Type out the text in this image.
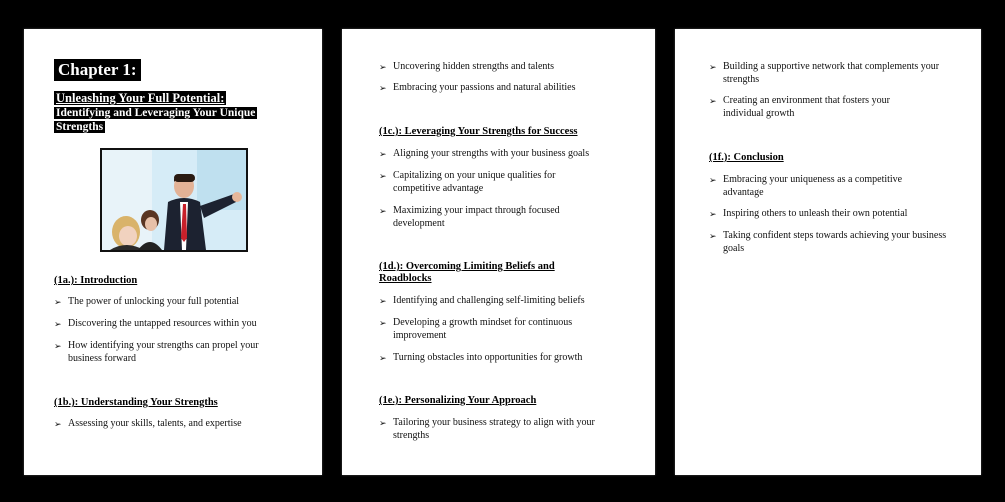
Chapter 1:
Unleashing Your Full Potential:
Identifying and Leveraging Your Unique Strengths
(1a.): Introduction
➢ The power of unlocking your full potential
➢ Discovering the untapped resources within you
➢ How identifying your strengths can propel your business forward
(1b.): Understanding Your Strengths
➢ Assessing your skills, talents, and expertise
➢ Uncovering hidden strengths and talents
➢ Embracing your passions and natural abilities
(1c.): Leveraging Your Strengths for Success
➢ Aligning your strengths with your business goals
➢ Capitalizing on your unique qualities for competitive advantage
➢ Maximizing your impact through focused development
(1d.): Overcoming Limiting Beliefs and Roadblocks
➢ Identifying and challenging self-limiting beliefs
➢ Developing a growth mindset for continuous improvement
➢ Turning obstacles into opportunities for growth
(1e.): Personalizing Your Approach
➢ Tailoring your business strategy to align with your strengths
➢ Building a supportive network that complements your strengths
➢ Creating an environment that fosters your individual growth
(1f.): Conclusion
➢ Embracing your uniqueness as a competitive advantage
➢ Inspiring others to unleash their own potential
➢ Taking confident steps towards achieving your business goals
